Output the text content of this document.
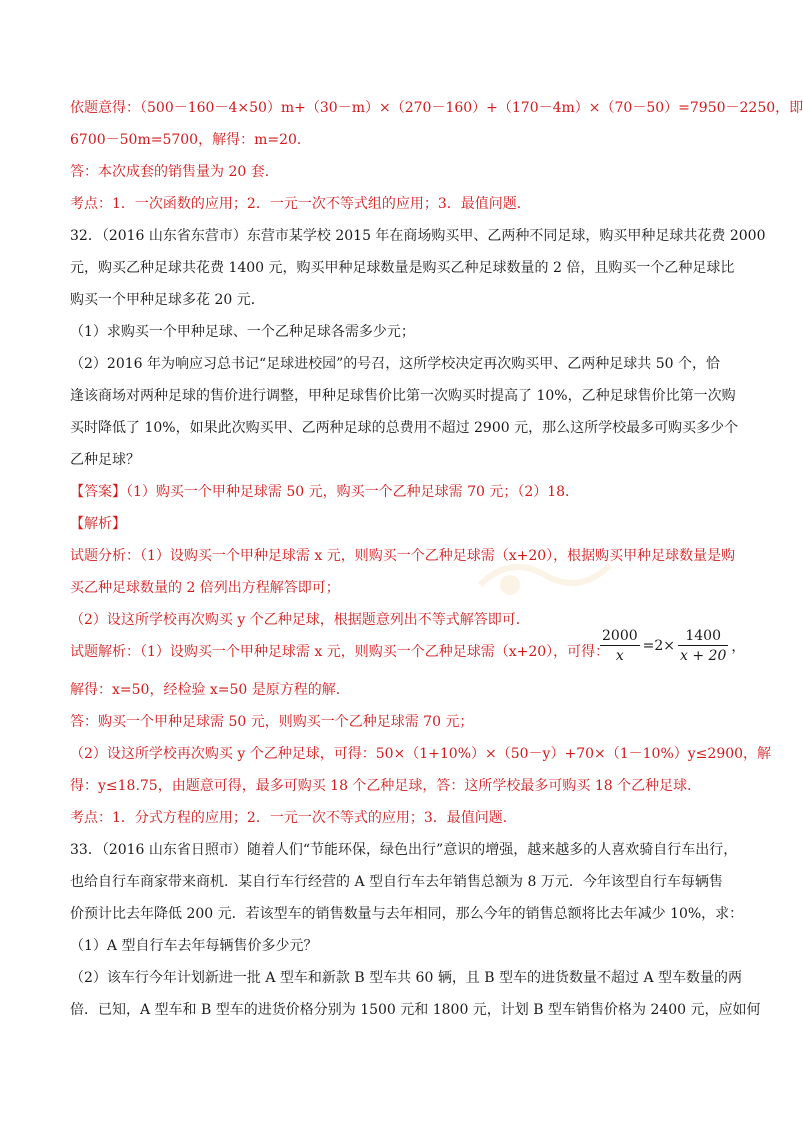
依题意得：（500－160－4×50）m+（30－m）×（270－160）+（170－4m）×（70－50）=7950－2250，即
6700－50m=5700，解得：m=20．
答：本次成套的销售量为 20 套．
考点：1．一次函数的应用；2．一元一次不等式组的应用；3．最值问题．
32．（2016 山东省东营市）东营市某学校 2015 年在商场购买甲、乙两种不同足球，购买甲种足球共花费 2000
元，购买乙种足球共花费 1400 元，购买甲种足球数量是购买乙种足球数量的 2 倍，且购买一个乙种足球比
购买一个甲种足球多花 20 元．
（1）求购买一个甲种足球、一个乙种足球各需多少元；
（2）2016 年为响应习总书记“足球进校园”的号召，这所学校决定再次购买甲、乙两种足球共 50 个，恰
逢该商场对两种足球的售价进行调整，甲种足球售价比第一次购买时提高了 10%，乙种足球售价比第一次购
买时降低了 10%，如果此次购买甲、乙两种足球的总费用不超过 2900 元，那么这所学校最多可购买多少个
乙种足球？
【答案】（1）购买一个甲种足球需 50 元，购买一个乙种足球需 70 元；（2）18．
【解析】
试题分析：（1）设购买一个甲种足球需 x 元，则购买一个乙种足球需（x+20），根据购买甲种足球数量是购
买乙种足球数量的 2 倍列出方程解答即可；
（2）设这所学校再次购买 y 个乙种足球，根据题意列出不等式解答即可．
试题解析：（1）设购买一个甲种足球需 x 元，则购买一个乙种足球需（x+20），可得：
解得：x=50，经检验 x=50 是原方程的解．
答：购买一个甲种足球需 50 元，则购买一个乙种足球需 70 元；
（2）设这所学校再次购买 y 个乙种足球，可得：50×（1+10%）×（50－y）+70×（1－10%）y≤2900，解
得：y≤18.75，由题意可得，最多可购买 18 个乙种足球，答：这所学校最多可购买 18 个乙种足球．
考点：1．分式方程的应用；2．一元一次不等式的应用；3．最值问题．
33．（2016 山东省日照市）随着人们“节能环保，绿色出行”意识的增强，越来越多的人喜欢骑自行车出行，
也给自行车商家带来商机．某自行车行经营的 A 型自行车去年销售总额为 8 万元．今年该型自行车每辆售
价预计比去年降低 200 元．若该型车的销售数量与去年相同，那么今年的销售总额将比去年减少 10%，求：
（1）A 型自行车去年每辆售价多少元？
（2）该车行今年计划新进一批 A 型车和新款 B 型车共 60 辆，且 B 型车的进货数量不超过 A 型车数量的两
倍．已知，A 型车和 B 型车的进货价格分别为 1500 元和 1800 元，计划 B 型车销售价格为 2400 元，应如何
$\frac{2000}{x} = 2\times \frac{1400}{x + 20}$ ，
